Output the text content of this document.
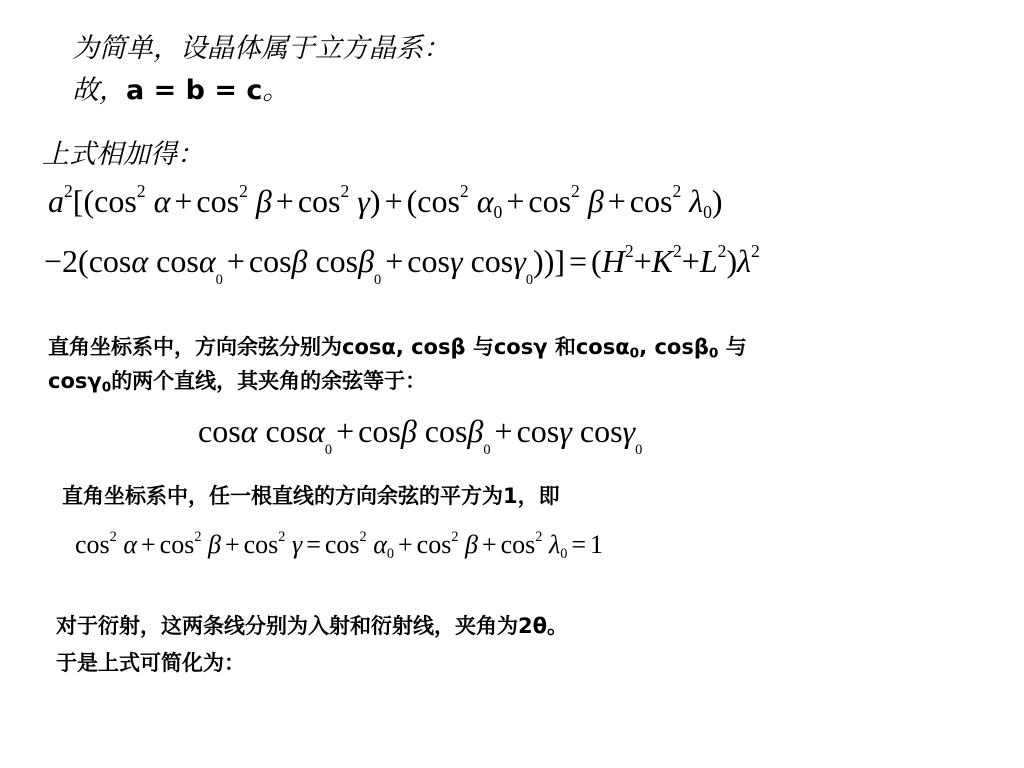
为简单，设晶体属于立方晶系：
故，a = b = c。
上式相加得：
$a^2[(\cos^2$ $\alpha + \cos^2 \beta + \cos^2 \gamma) + (\cos^2$ $\alpha_0 + \cos^2 \beta + \cos^2 \lambda_0$)
−2(cosα cosα$_0$+ cosβ cosβ$_0$+ cosγ $\cos\gamma_0))] = (H^2+K^2+L^2)\lambda^2$
直角坐标系中，方向余弦分别为cosα, cosβ 与cosγ 和cosα$_0$, cosβ$_0$ 与
cosγ$_0$的两个直线，其夹角的余弦等于：
cosα cosα$_0$+ cosβ cosβ$_0$+ cosγ cosγ$_0$
直角坐标系中，任一根直线的方向余弦的平方为1，即
$\cos^2 \alpha + \cos^2 \beta + \cos^2 \gamma = \cos^2 \alpha_0 + \cos^2 \beta + \cos^2 \lambda_0 = 1$
对于衍射，这两条线分别为入射和衍射线，夹角为2θ。
于是上式可简化为：
